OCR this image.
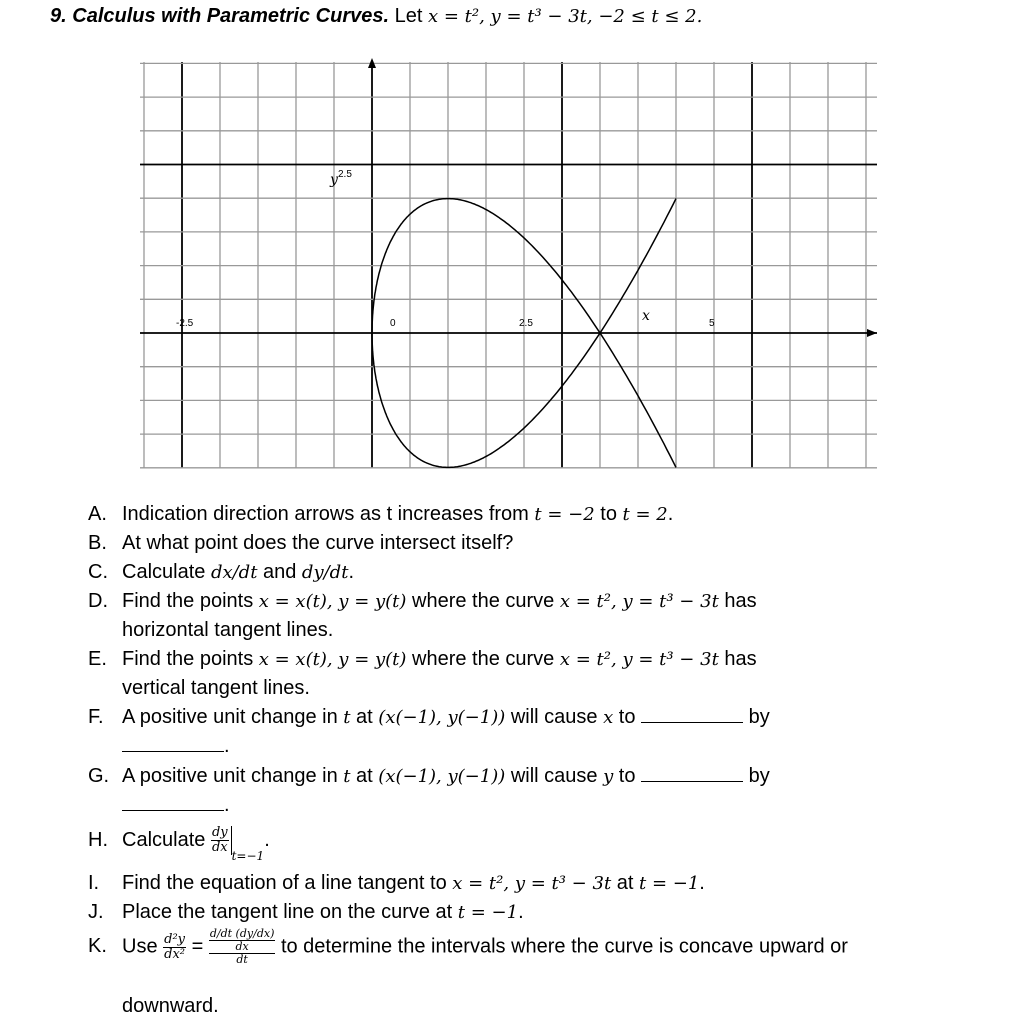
9. Calculus with Parametric Curves. Let x = t², y = t³ − 3t, −2 ≤ t ≤ 2.
-2.5	0	2.5	5
2.5
y
x
A. Indication direction arrows as t increases from t = −2 to t = 2.
B. At what point does the curve intersect itself?
C. Calculate dx/dt and dy/dt.
D. Find the points x = x(t), y = y(t) where the curve x = t², y = t³ − 3t has
horizontal tangent lines.
E. Find the points x = x(t), y = y(t) where the curve x = t², y = t³ − 3t has
vertical tangent lines.
F. A positive unit change in t at (x(−1), y(−1)) will cause x to	by
.
G. A positive unit change in t at (x(−1), y(−1)) will cause y to	by
.
H. Calculate $\frac{dy}{dx}$
$_{t=-1}$.
I. Find the equation of a line tangent to x = t², y = t³ − 3t at t = −1.
J. Place the tangent line on the curve at t = −1.
K. Use $\frac{\text{d²y}}{\text{dx²}} = d/dt$ (dy/dx)
dx
dt to determine the intervals where the curve is concave upward or
downward.
